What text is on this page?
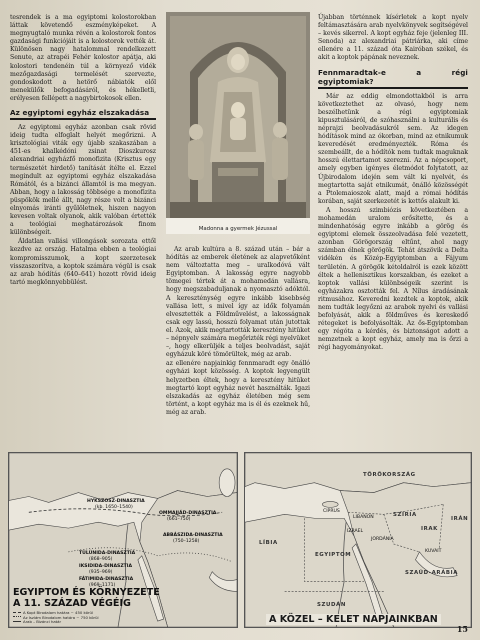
tesrendek is a ma egyiptomi kolostorokban láttak követendő eszményképeket. A megnyugtaló munka révén a kolostorok fontos gazdasági funkciójáit is a kolostorok vették át. Különösen nagy hatalommal rendelkezett Senute, az atrapéi Fehér kolostor apátja, aki kolostori tendenéin túl a környező vidék mezőgazdasági termelését szervezte, gondoskodott a hetörő nábiatók elől menekülők befogadásáról, és hékelletli, erélyesen fellépett a nagybirtokosok ellen.

Az egyiptomi egyház elszakadása

Az egyiptomi egyház azonban csak rövid ideig tudta elfoglalt helyét megőrizni. A krisztológiai viták egy újabb szakaszában a 451-es khalkédóni zsinat Dioszkurosz alexandriai egyházfő monofizita (Krisztus egy természetét hirdető) tanítását ítélte el. Ezzel megindult az egyiptomi egyház elszakadása Rómától, és a bizánci államtól is ma megyan. Abban, hogy a lakosság többsége a monofizita püspökök mellé állt, nagy része volt a bizánci elnyomás iránti gyűlöletnek, hiszen nagyon kevesen voltak olyanok, akik valóban értették a teológiai meghatározások finom különbségeit.

Áldatlan vallási villongások sorozata ettől kezdve az ország. Hatalma ebben a teológiai kompromisszumok, a kopt szerzetesek visszaszorítva, a koptok számára végül is csak az arab hódítás (640–641) hozott rövid ideig tartó megkönnyebbülést.

Madonna a gyermek Jézussal

Az arab kultúra a 8. század után – bár a hódítás az emberek életének az alapvetőként nem változtatta meg – uralkodóvá vált Egyiptomban. A lakosság egyre nagyobb tömegei tértek át a mohamedán vallásra, hogy megszabaduljanak a nyomasztó adóktól. A kereszténység egyre inkább kisebbség vallása lett, s mivel így az idők folyamán elvesztették a Földművelést, a lakosságnak csak egy lassú, hosszú folyamat után jutottak el. Azok, akik megtartották keresztény hitüket – népnyelv számára megőrizték régi nyelvüket –, hogy elkerüljék a teljes beolvadást, saját egyházuk köré tömörültek, még az arab.

az ellenére napjainkig fennmaradt egy önálló egyházi kopt közösség. A koptok legyengült helyzetben éltek, hogy a keresztény hitüket megtartó kopt egyház nevét használták. Igazi elszakadás az egyház életében még sem történt, a kopt egyház ma is él és ezeknek hű, még az arab.

Újabban történnek kísérletek a kopt nyelv feltámasztására arab nyelvkönyvek segítségével – kevés sikerrel. A kopt egyház feje (jelenleg III. Senoda) az alexandriai pátriárka, aki címe ellenére a 11. század óta Kairóban székel, és akit a koptok pápának neveznek.

Fennmaradtak-e a régi egyiptomiak?

Már az eddig elmondottakból is arra következtethet az olvasó, hogy nem beszélhetünk a régi egyiptomiak kipusztulásáról, de szóhasználni a kulturális és néprajzi beolvadásukról sem. Az idegen hódítások mind az ókorban, mind az etnikumuk keveredését eredményezték. Róma és szembeállt, de a hódítók nem tudtak maguknak hosszú élettartamot szerezni. Az a népcsoport, amely egyben igényes életmódot folytatott, az Újbirodalom idején sem vált ki nyelvét, és megtartotta saját etnikumát, önálló közösségét a Ptolemaioszok alatt, majd a római hódítás korában, saját szerkezetét is kettős alakult ki.

A hosszú szimbiózis következtében a mohamedán uralom erősítette, és a mindenhatóság egyre inkább a görög és egyiptomi elemek összeolvadása felé vezetett, azonban Görögország eltűnt, ahol nagy számban élnek görögök. Tehát átszövik a Delta vidékén és Közép-Egyiptomban a Fájyum területén. A görögök kétoldalról is ezek között éltek a hellenisztikus korszakban, és ezeket a koptok vallási különbségeik szerint is egyházakra osztották fel. A Nílus áradásának ritmusához. Keveredni kezdtek a koptok, akik nem tudták legyőzni az arabok nyelvi és vallási befolyását, akik a földműves és kereskedő rétegeket is befolyásolták. Az ős-Egyiptomban egy régóta a kérdés, és biztonságot adott a nemzetnek a kopt egyház, amely ma is őrzi a régi hagyományokat.

HYKSZOSZ-DINASZTIA
(kb. 1650–1540)
OMMAJJÁD-DINASZTIA
(661–750)
ABBÁSZIDA-DINASZTIA
(750–1258)
TÚLÚNIDA-DINASZTIA
(868–905)
IKSIDIDA-DINASZTIA
(935–969)
FÁTIMIDA-DINASZTIA
(969–1171)
EGYIPTOM ÉS KÖRNYEZETE
A 11. SZÁZAD VÉGÉIG
A Kopt Birodalom határa ~ 450 körül
Az Iszlám Birodalom határa ~ 750 körül
Arab – Bizánci határ
TÖRÖKORSZÁG
SZÍRIA
IRAK
IRÁN
CIPRUS
LIBANON
IZRAEL
JORDÁNIA
KUVAIT
SZAÚD-ARÁBIA
EGYIPTOM
LÍBIA
SZUDÁN
A KÖZEL – KELET NAPJAINKBAN
15
